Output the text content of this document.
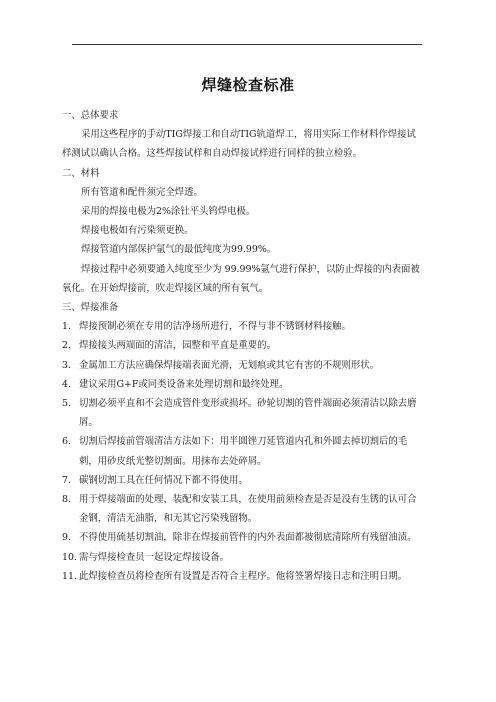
焊缝检查标准

一、总体要求

采用这些程序的手动TIG焊接工和自动TIG轨道焊工，将用实际工作材料作焊接试样测试以确认合格。这些焊接试样和自动焊接试样进行同样的独立检验。

二、材料

所有管道和配件须完全焊透。

采用的焊接电极为2%涂钍平头钨焊电极。

焊接电极如有污染须更换。

焊接管道内部保护氩气的最低纯度为99.99%。

焊接过程中必须要通入纯度至少为 99.99%氩气进行保护，以防止焊接的内表面被氧化。在开始焊接前，吹走焊接区域的所有氧气。

三、焊接准备

1. 焊接预制必须在专用的洁净场所进行，不得与非不锈钢材料接触。

2. 焊接接头两端面的清洁，园整和平直是重要的。

3. 金属加工方法应确保焊接端表面光滑，无划痕或其它有害的不规则形状。

4. 建议采用G+F或同类设备来处理切割和最终处理。

5. 切割必须平直和不会造成管件变形或损坏。砂轮切割的管件端面必须清洁以除去磨屑。

6. 切割后焊接前管端清洁方法如下：用半圆锉刀延管道内孔和外圆去掉切割后的毛刺，用砂皮纸光整切割面。用抹布去处碎屑。

7. 碳钢切割工具在任何情况下都不得使用。

8. 用于焊接端面的处理、装配和安装工具，在使用前须检查是否是没有生锈的认可合金钢，清洁无油脂，和无其它污染残留物。

9. 不得使用硫基切割油，除非在焊接前管件的内外表面都被彻底清除所有残留油渍。

10. 需与焊接检查员一起设定焊接设备。

11. 此焊接检查员将检查所有设置是否符合主程序。他将签署焊接日志和注明日期。
